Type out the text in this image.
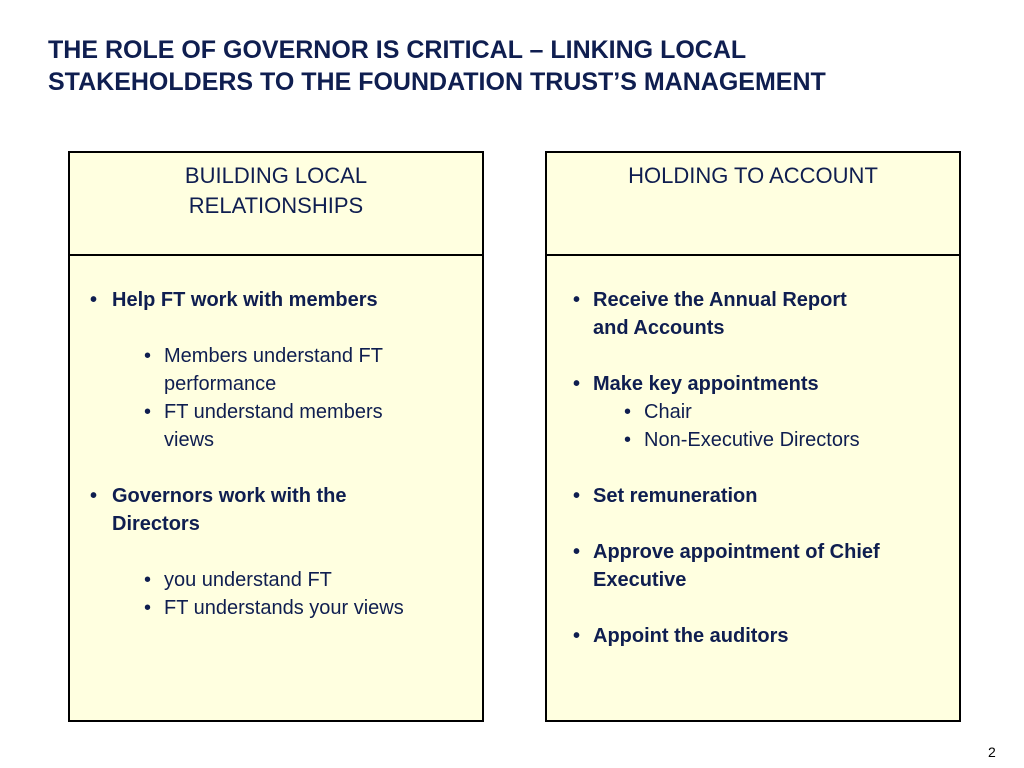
THE ROLE OF GOVERNOR IS CRITICAL – LINKING LOCAL
STAKEHOLDERS TO THE FOUNDATION TRUST’S MANAGEMENT
BUILDING LOCAL
RELATIONSHIPS
• Help FT work with members
• Members understand FT
performance
• FT understand members
views
• Governors work with the
Directors
• you understand FT
• FT understands your views
HOLDING TO ACCOUNT
• Receive the Annual Report
and Accounts
• Make key appointments
• Chair
• Non-Executive Directors
• Set remuneration
• Approve appointment of Chief
Executive
• Appoint the auditors
2
